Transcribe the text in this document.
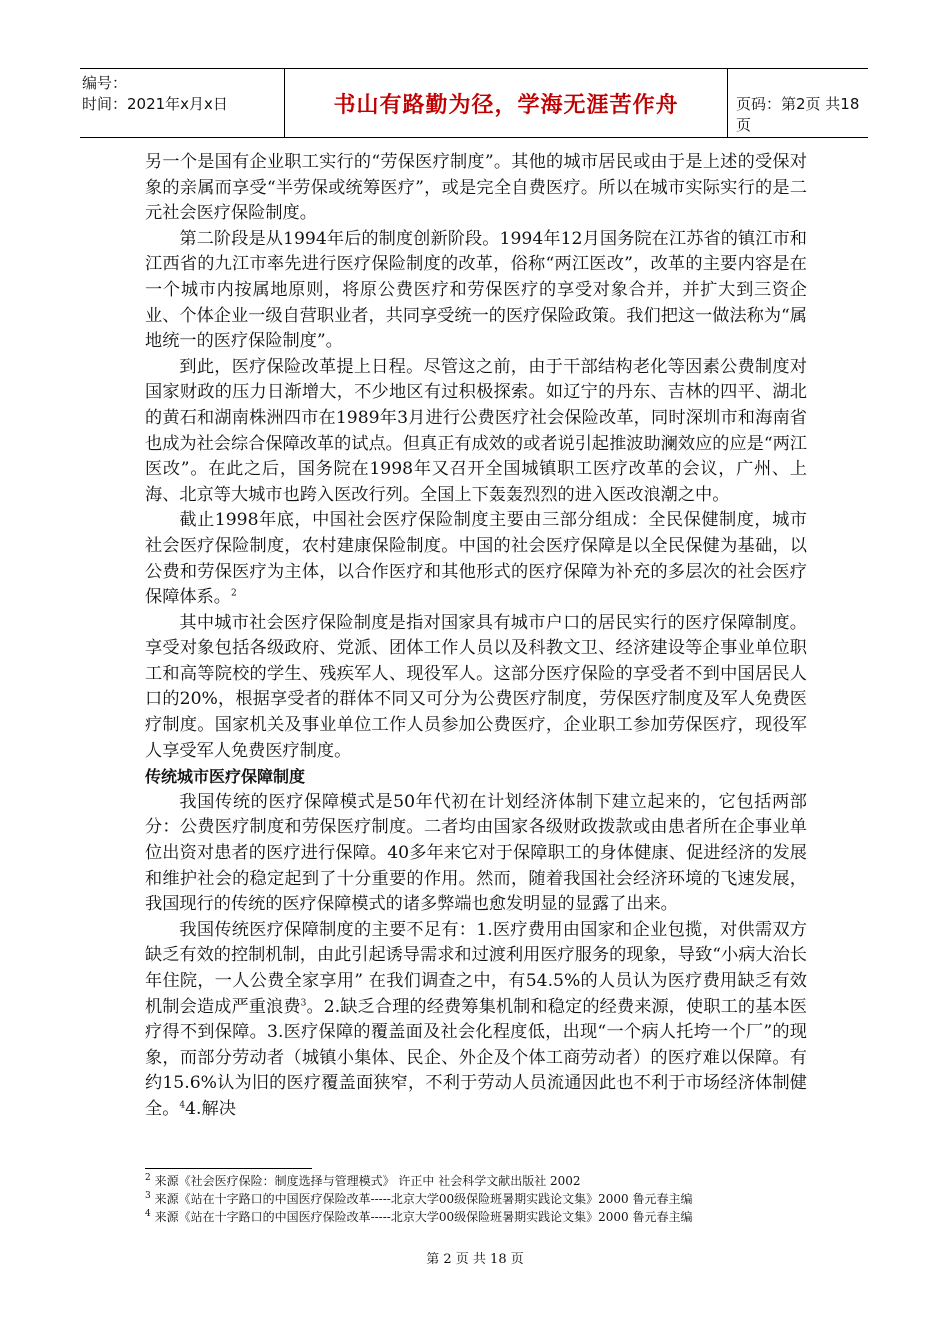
编号：
时间：2021年x月x日	书山有路勤为径，学海无涯苦作舟	页码：第2页 共18页

另一个是国有企业职工实行的“劳保医疗制度”。其他的城市居民或由于是上述的受保对象的亲属而享受“半劳保或统筹医疗”，或是完全自费医疗。所以在城市实际实行的是二元社会医疗保险制度。

第二阶段是从1994年后的制度创新阶段。1994年12月国务院在江苏省的镇江市和江西省的九江市率先进行医疗保险制度的改革，俗称“两江医改”，改革的主要内容是在一个城市内按属地原则，将原公费医疗和劳保医疗的享受对象合并，并扩大到三资企业、个体企业一级自营职业者，共同享受统一的医疗保险政策。我们把这一做法称为“属地统一的医疗保险制度”。

到此，医疗保险改革提上日程。尽管这之前，由于干部结构老化等因素公费制度对国家财政的压力日渐增大，不少地区有过积极探索。如辽宁的丹东、吉林的四平、湖北的黄石和湖南株洲四市在1989年3月进行公费医疗社会保险改革，同时深圳市和海南省也成为社会综合保障改革的试点。但真正有成效的或者说引起推波助澜效应的应是“两江医改”。在此之后，国务院在1998年又召开全国城镇职工医疗改革的会议，广州、上海、北京等大城市也跨入医改行列。全国上下轰轰烈烈的进入医改浪潮之中。

截止1998年底，中国社会医疗保险制度主要由三部分组成：全民保健制度，城市社会医疗保险制度，农村建康保险制度。中国的社会医疗保障是以全民保健为基础，以公费和劳保医疗为主体，以合作医疗和其他形式的医疗保障为补充的多层次的社会医疗保障体系。$^2$

其中城市社会医疗保险制度是指对国家具有城市户口的居民实行的医疗保障制度。享受对象包括各级政府、党派、团体工作人员以及科教文卫、经济建设等企事业单位职工和高等院校的学生、残疾军人、现役军人。这部分医疗保险的享受者不到中国居民人口的20%，根据享受者的群体不同又可分为公费医疗制度，劳保医疗制度及军人免费医疗制度。国家机关及事业单位工作人员参加公费医疗，企业职工参加劳保医疗，现役军人享受军人免费医疗制度。

传统城市医疗保障制度

我国传统的医疗保障模式是50年代初在计划经济体制下建立起来的，它包括两部分：公费医疗制度和劳保医疗制度。二者均由国家各级财政拨款或由患者所在企事业单位出资对患者的医疗进行保障。40多年来它对于保障职工的身体健康、促进经济的发展和维护社会的稳定起到了十分重要的作用。然而，随着我国社会经济环境的飞速发展，我国现行的传统的医疗保障模式的诸多弊端也愈发明显的显露了出来。

我国传统医疗保障制度的主要不足有：1.医疗费用由国家和企业包揽，对供需双方缺乏有效的控制机制，由此引起诱导需求和过渡利用医疗服务的现象，导致“小病大治长年住院，一人公费全家享用” 在我们调查之中，有54.5%的人员认为医疗费用缺乏有效机制会造成严重浪费$^3$。2.缺乏合理的经费筹集机制和稳定的经费来源，使职工的基本医疗得不到保障。3.医疗保障的覆盖面及社会化程度低，出现“一个病人托垮一个厂”的现象，而部分劳动者（城镇小集体、民企、外企及个体工商劳动者）的医疗难以保障。有约15.6%认为旧的医疗覆盖面狭窄，不利于劳动人员流通因此也不利于市场经济体制健全。$^4$4.解决

$^2$ 来源《社会医疗保险：制度选择与管理模式》 许正中 社会科学文献出版社 2002

$^3$ 来源《站在十字路口的中国医疗保险改革-----北京大学00级保险班暑期实践论文集》2000 鲁元春主编

$^4$ 来源《站在十字路口的中国医疗保险改革-----北京大学00级保险班暑期实践论文集》2000 鲁元春主编

第 2 页 共 18 页
